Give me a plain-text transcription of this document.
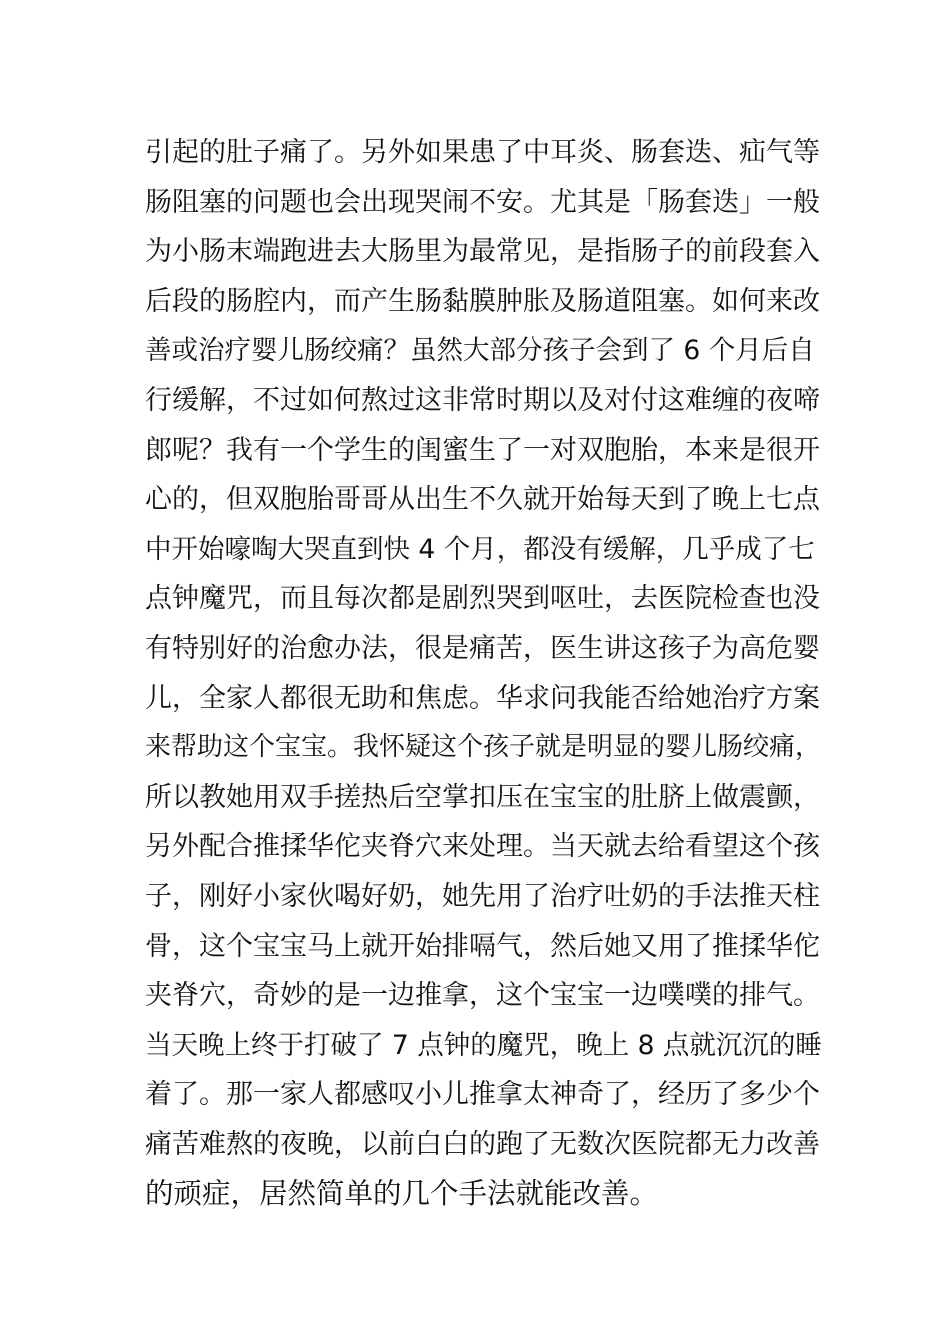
引起的肚子痛了。另外如果患了中耳炎、肠套迭、疝气等
肠阻塞的问题也会出现哭闹不安。尤其是「肠套迭」一般
为小肠末端跑进去大肠里为最常见，是指肠子的前段套入
后段的肠腔内，而产生肠黏膜肿胀及肠道阻塞。如何来改
善或治疗婴儿肠绞痛？虽然大部分孩子会到了 6 个月后自
行缓解，不过如何熬过这非常时期以及对付这难缠的夜啼
郎呢？我有一个学生的闺蜜生了一对双胞胎，本来是很开
心的，但双胞胎哥哥从出生不久就开始每天到了晚上七点
中开始嚎啕大哭直到快 4 个月，都没有缓解，几乎成了七
点钟魔咒，而且每次都是剧烈哭到呕吐，去医院检查也没
有特别好的治愈办法，很是痛苦，医生讲这孩子为高危婴
儿，全家人都很无助和焦虑。华求问我能否给她治疗方案
来帮助这个宝宝。我怀疑这个孩子就是明显的婴儿肠绞痛，
所以教她用双手搓热后空掌扣压在宝宝的肚脐上做震颤，
另外配合推揉华佗夹脊穴来处理。当天就去给看望这个孩
子，刚好小家伙喝好奶，她先用了治疗吐奶的手法推天柱
骨，这个宝宝马上就开始排嗝气，然后她又用了推揉华佗
夹脊穴，奇妙的是一边推拿，这个宝宝一边噗噗的排气。
当天晚上终于打破了 7 点钟的魔咒，晚上 8 点就沉沉的睡
着了。那一家人都感叹小儿推拿太神奇了，经历了多少个
痛苦难熬的夜晚，以前白白的跑了无数次医院都无力改善
的顽症，居然简单的几个手法就能改善。
